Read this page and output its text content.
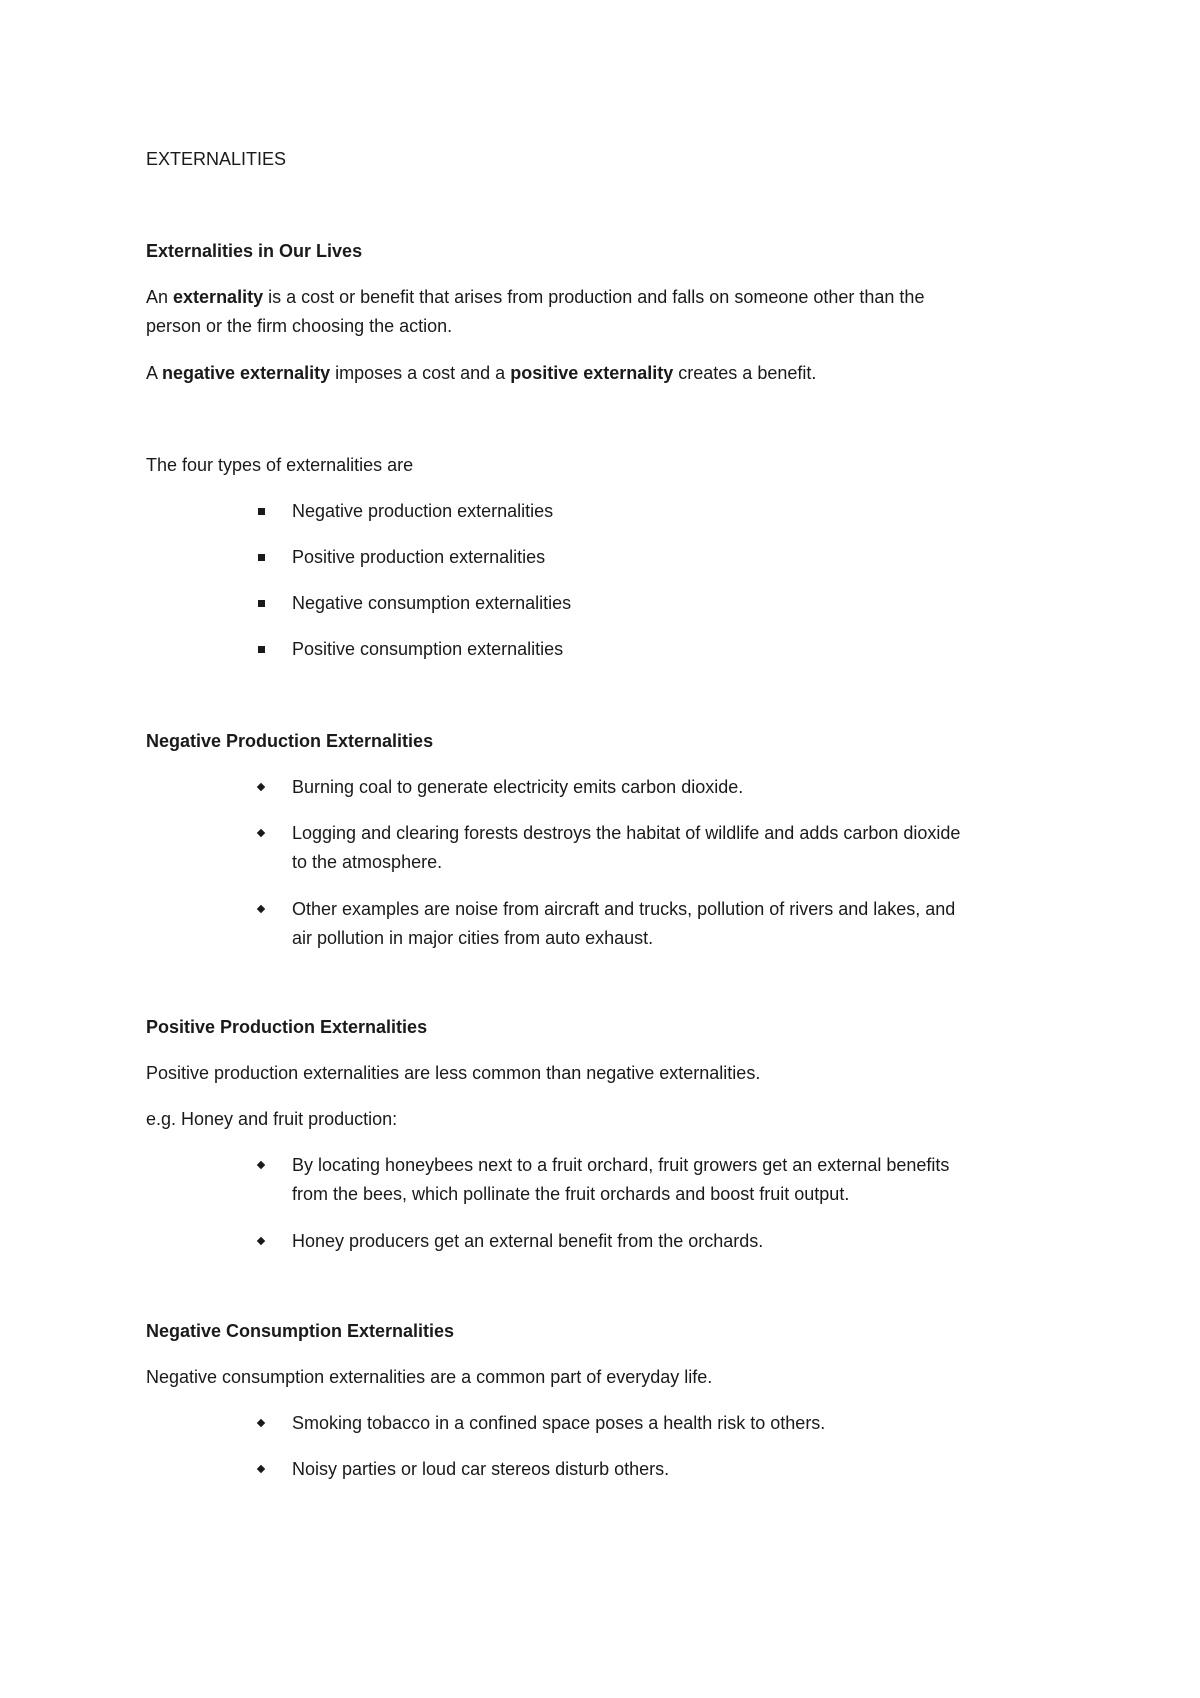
EXTERNALITIES
Externalities in Our Lives
An externality is a cost or benefit that arises from production and falls on someone other than the
person or the firm choosing the action.
A negative externality imposes a cost and a positive externality creates a benefit.
The four types of externalities are
Negative production externalities
Positive production externalities
Negative consumption externalities
Positive consumption externalities
Negative Production Externalities
Burning coal to generate electricity emits carbon dioxide.
Logging and clearing forests destroys the habitat of wildlife and adds carbon dioxide
to the atmosphere.
Other examples are noise from aircraft and trucks, pollution of rivers and lakes, and
air pollution in major cities from auto exhaust.
Positive Production Externalities
Positive production externalities are less common than negative externalities.
e.g. Honey and fruit production:
By locating honeybees next to a fruit orchard, fruit growers get an external benefits
from the bees, which pollinate the fruit orchards and boost fruit output.
Honey producers get an external benefit from the orchards.
Negative Consumption Externalities
Negative consumption externalities are a common part of everyday life.
Smoking tobacco in a confined space poses a health risk to others.
Noisy parties or loud car stereos disturb others.
